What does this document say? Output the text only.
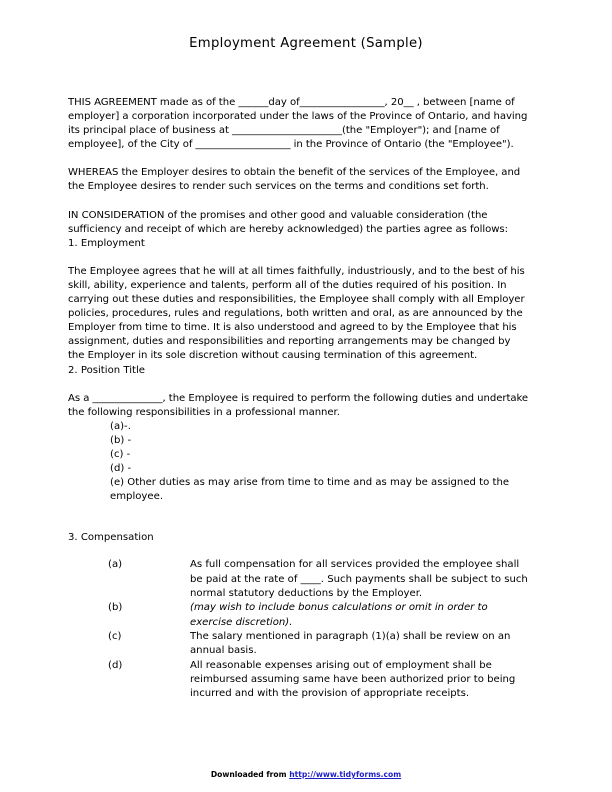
Employment Agreement (Sample)

THIS AGREEMENT made as of the ______day of_________________, 20__ , between [name of employer] a corporation incorporated under the laws of the Province of Ontario, and having its principal place of business at ______________________(the "Employer"); and [name of employee], of the City of ___________________ in the Province of Ontario (the "Employee").

WHEREAS the Employer desires to obtain the benefit of the services of the Employee, and the Employee desires to render such services on the terms and conditions set forth.

IN CONSIDERATION of the promises and other good and valuable consideration (the sufficiency and receipt of which are hereby acknowledged) the parties agree as follows:

1. Employment

The Employee agrees that he will at all times faithfully, industriously, and to the best of his skill, ability, experience and talents, perform all of the duties required of his position. In carrying out these duties and responsibilities, the Employee shall comply with all Employer policies, procedures, rules and regulations, both written and oral, as are announced by the Employer from time to time. It is also understood and agreed to by the Employee that his assignment, duties and responsibilities and reporting arrangements may be changed by the Employer in its sole discretion without causing termination of this agreement.

2. Position Title

As a ______________, the Employee is required to perform the following duties and undertake the following responsibilities in a professional manner.

(a)-.
(b) -
(c) -
(d) -
(e) Other duties as may arise from time to time and as may be assigned to the employee.

3. Compensation

(a)	As full compensation for all services provided the employee shall be paid at the rate of ____. Such payments shall be subject to such normal statutory deductions by the Employer.
(b)	(may wish to include bonus calculations or omit in order to exercise discretion).
(c)	The salary mentioned in paragraph (1)(a) shall be review on an annual basis.
(d)	All reasonable expenses arising out of employment shall be reimbursed assuming same have been authorized prior to being incurred and with the provision of appropriate receipts.
Downloaded from http://www.tidyforms.com
